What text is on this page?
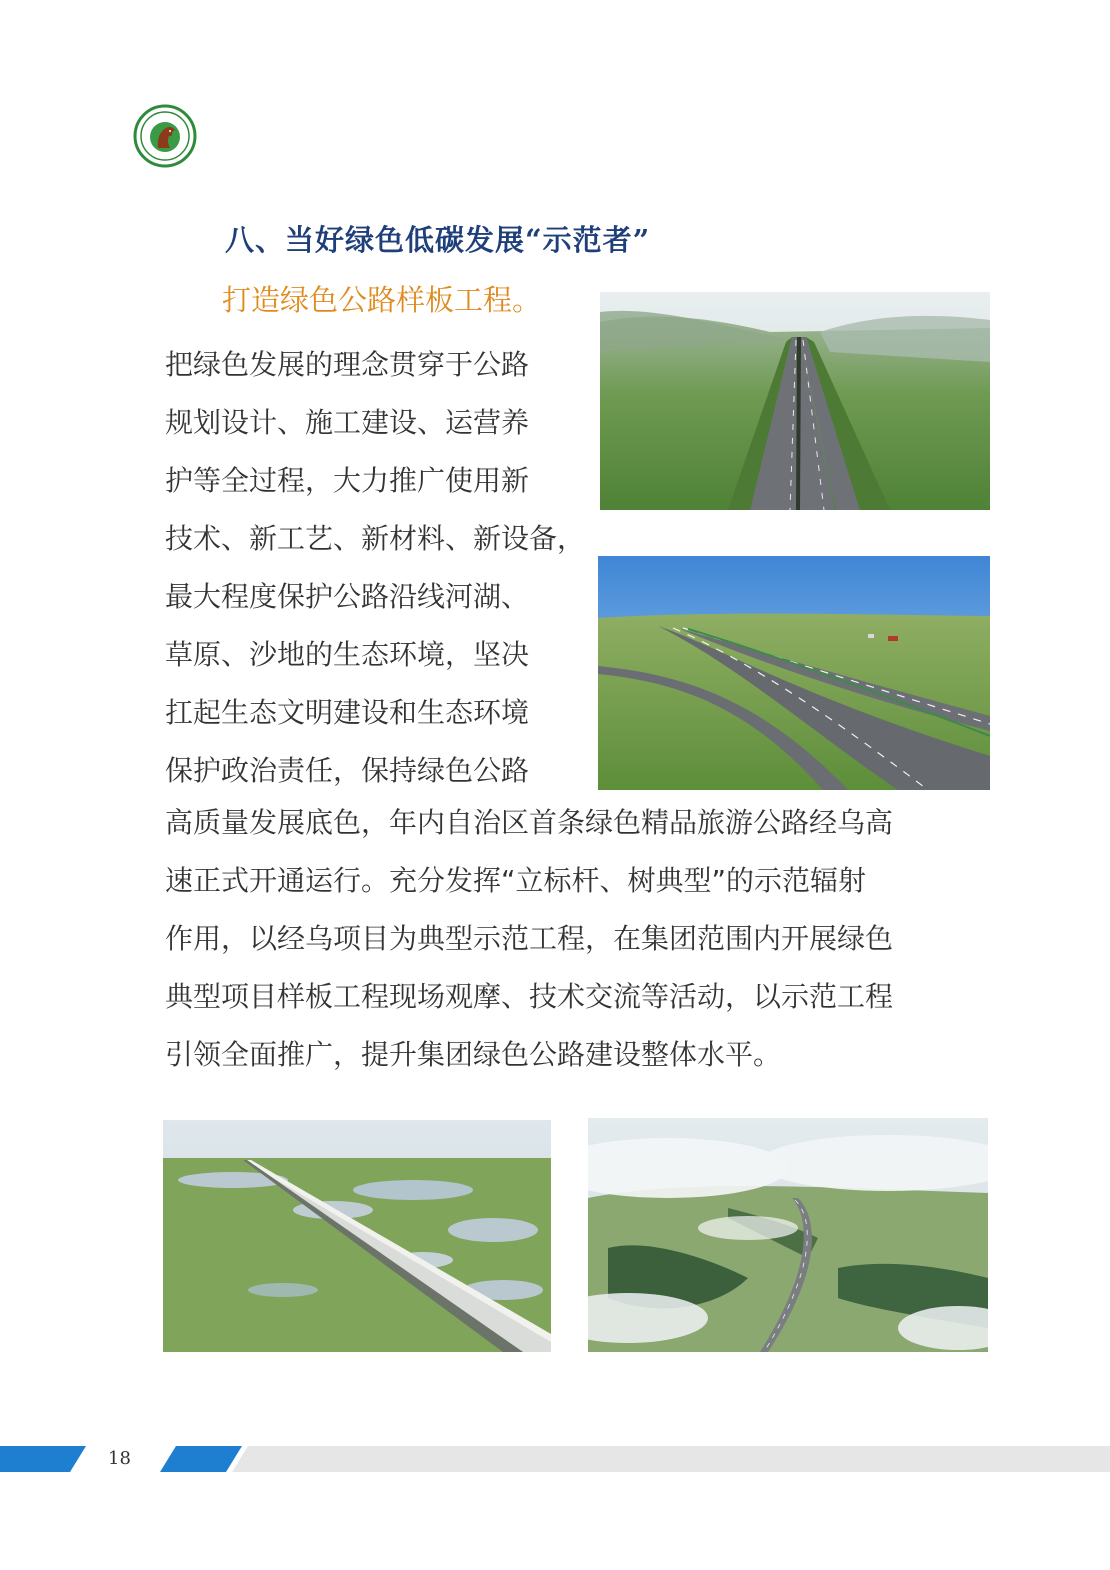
八、当好绿色低碳发展“示范者”
打造绿色公路样板工程。
把绿色发展的理念贯穿于公路
规划设计、施工建设、运营养
护等全过程，大力推广使用新
技术、新工艺、新材料、新设备，
最大程度保护公路沿线河湖、
草原、沙地的生态环境，坚决
扛起生态文明建设和生态环境
保护政治责任，保持绿色公路
高质量发展底色，年内自治区首条绿色精品旅游公路经乌高
速正式开通运行。充分发挥“立标杆、树典型”的示范辐射
作用，以经乌项目为典型示范工程，在集团范围内开展绿色
典型项目样板工程现场观摩、技术交流等活动，以示范工程
引领全面推广，提升集团绿色公路建设整体水平。
18
